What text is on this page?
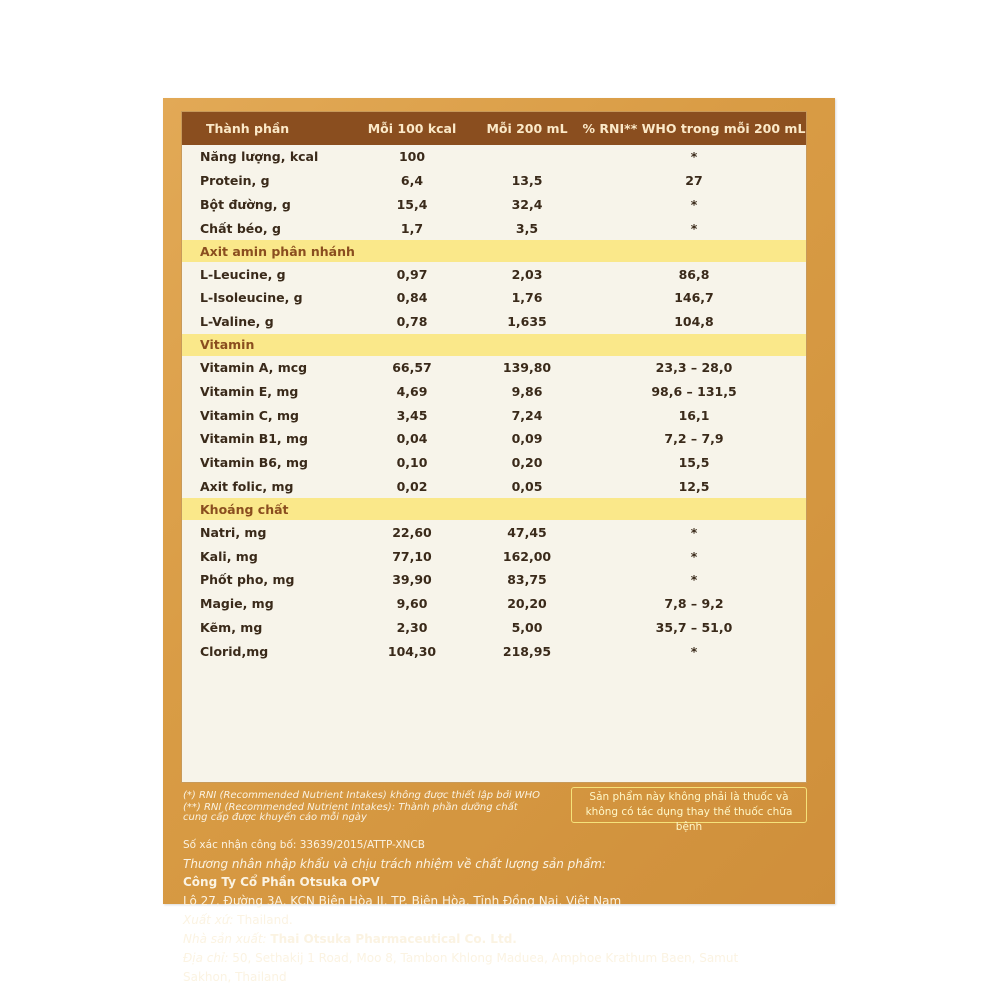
Thành phần	Mỗi 100 kcal	Mỗi 200 mL	% RNI** WHO trong mỗi 200 mL
Năng lượng, kcal	100		*
Protein, g	6,4	13,5	27
Bột đường, g	15,4	32,4	*
Chất béo, g	1,7	3,5	*
Axit amin phân nhánh			
L-Leucine, g	0,97	2,03	86,8
L-Isoleucine, g	0,84	1,76	146,7
L-Valine, g	0,78	1,635	104,8
Vitamin			
Vitamin A, mcg	66,57	139,80	23,3 – 28,0
Vitamin E, mg	4,69	9,86	98,6 – 131,5
Vitamin C, mg	3,45	7,24	16,1
Vitamin B1, mg	0,04	0,09	7,2 – 7,9
Vitamin B6, mg	0,10	0,20	15,5
Axit folic, mg	0,02	0,05	12,5
Khoáng chất			
Natri, mg	22,60	47,45	*
Kali, mg	77,10	162,00	*
Phốt pho, mg	39,90	83,75	*
Magie, mg	9,60	20,20	7,8 – 9,2
Kẽm, mg	2,30	5,00	35,7 – 51,0
Clorid,mg	104,30	218,95	*
(*) RNI (Recommended Nutrient Intakes) không được thiết lập bởi WHO
(**) RNI (Recommended Nutrient Intakes): Thành phần dưỡng chất cung cấp được khuyến cáo mỗi ngày
Sản phẩm này không phải là thuốc và
không có tác dụng thay thế thuốc chữa bệnh
Số xác nhận công bố: 33639/2015/ATTP-XNCB
Thương nhân nhập khẩu và chịu trách nhiệm về chất lượng sản phẩm:
Công Ty Cổ Phần Otsuka OPV
Lô 27, Đường 3A, KCN Biên Hòa II, TP. Biên Hòa, Tỉnh Đồng Nai, Việt Nam
Xuất xứ: Thailand.
Nhà sản xuất: Thai Otsuka Pharmaceutical Co. Ltd.
Địa chỉ: 50, Sethakij 1 Road, Moo 8, Tambon Khlong Maduea, Amphoe Krathum Baen, Samut
Sakhon, Thailand
